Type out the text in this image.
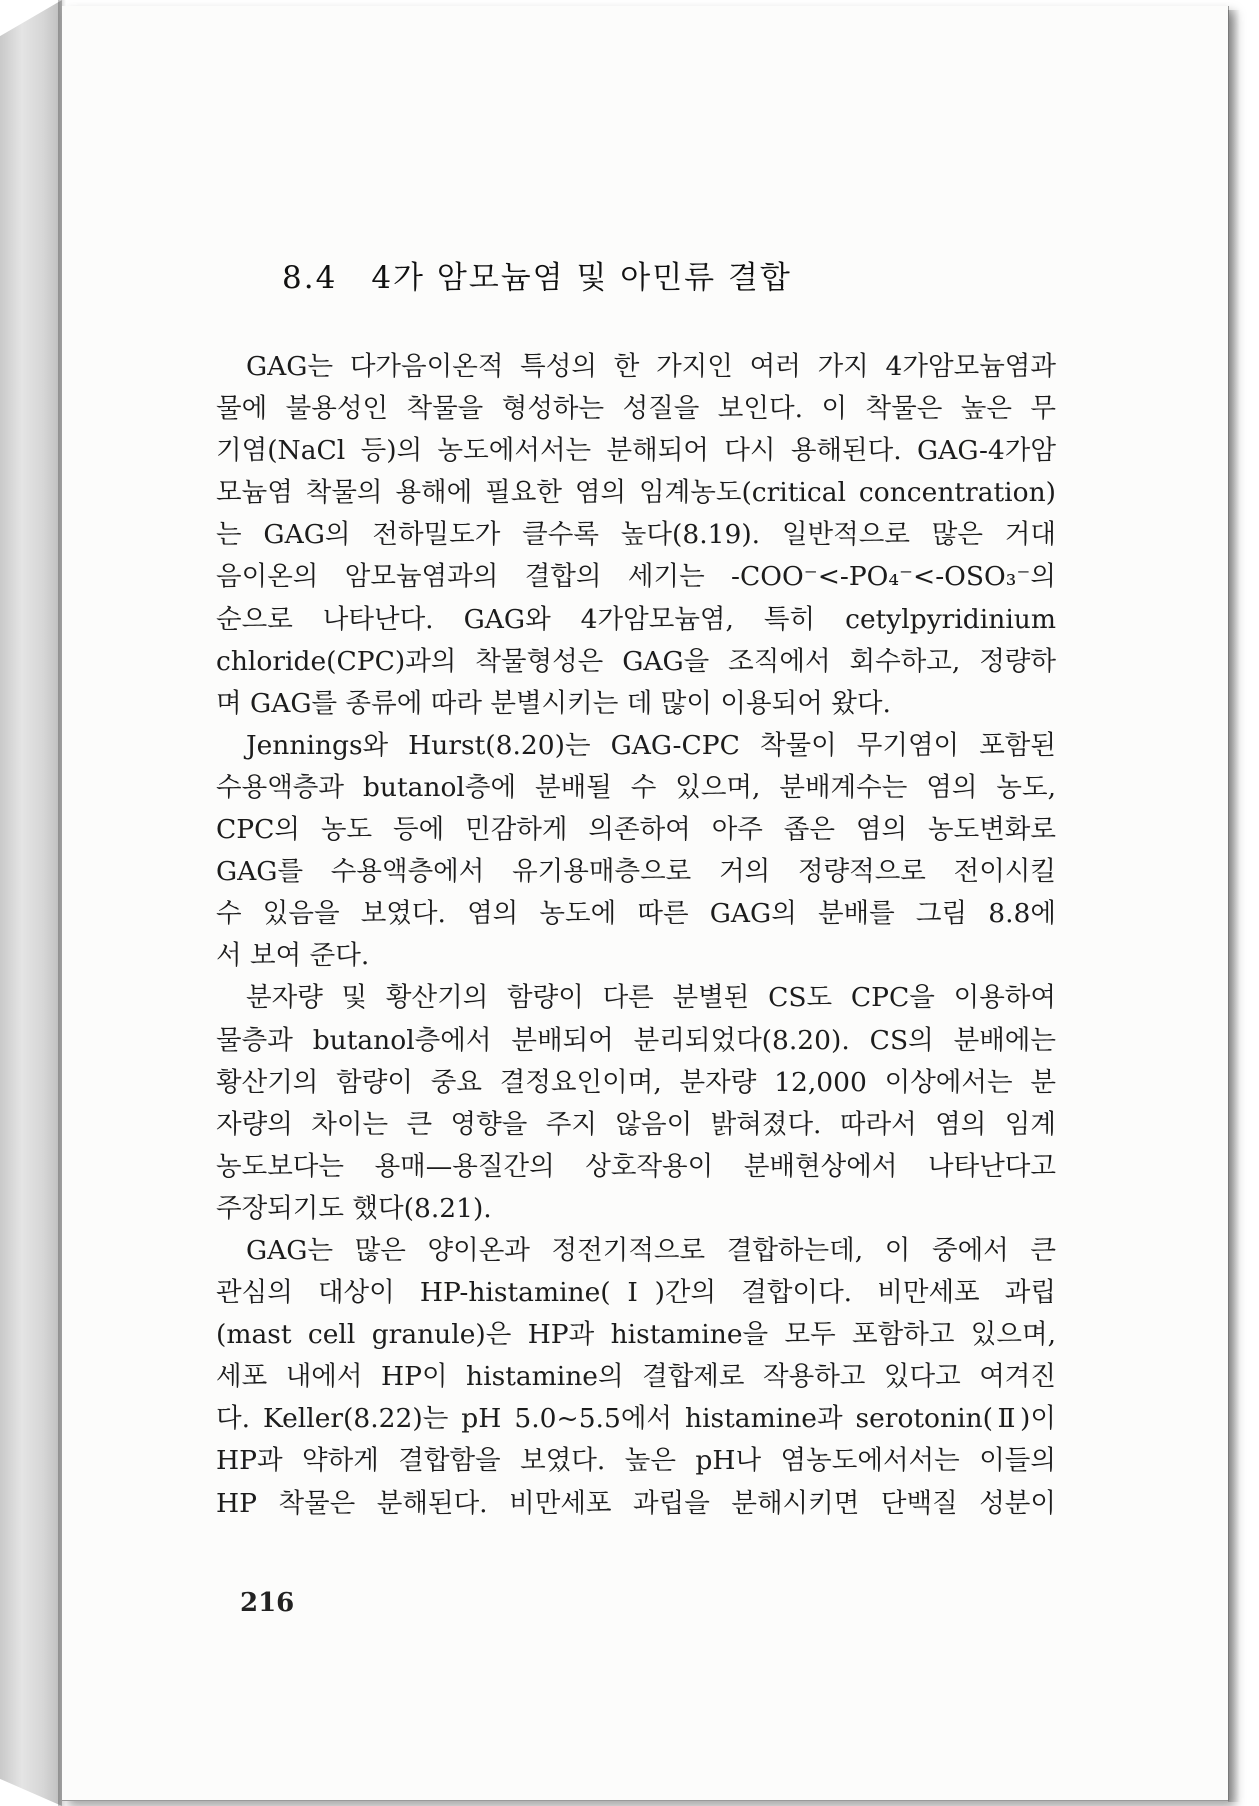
8.4 4가 암모늄염 및 아민류 결합
GAG는 다가음이온적 특성의 한 가지인 여러 가지 4가암모늄염과
물에 불용성인 착물을 형성하는 성질을 보인다. 이 착물은 높은 무
기염(NaCl 등)의 농도에서서는 분해되어 다시 용해된다. GAG-4가암
모늄염 착물의 용해에 필요한 염의 임계농도(critical concentration)
는 GAG의 전하밀도가 클수록 높다(8.19). 일반적으로 많은 거대
음이온의 암모늄염과의 결합의 세기는 -COO⁻<-PO₄⁻<-OSO₃⁻의
순으로 나타난다. GAG와 4가암모늄염, 특히 cetylpyridinium
chloride(CPC)과의 착물형성은 GAG을 조직에서 회수하고, 정량하
며 GAG를 종류에 따라 분별시키는 데 많이 이용되어 왔다.
Jennings와 Hurst(8.20)는 GAG-CPC 착물이 무기염이 포함된
수용액층과 butanol층에 분배될 수 있으며, 분배계수는 염의 농도,
CPC의 농도 등에 민감하게 의존하여 아주 좁은 염의 농도변화로
GAG를 수용액층에서 유기용매층으로 거의 정량적으로 전이시킬
수 있음을 보였다. 염의 농도에 따른 GAG의 분배를 그림 8.8에
서 보여 준다.
분자량 및 황산기의 함량이 다른 분별된 CS도 CPC을 이용하여
물층과 butanol층에서 분배되어 분리되었다(8.20). CS의 분배에는
황산기의 함량이 중요 결정요인이며, 분자량 12,000 이상에서는 분
자량의 차이는 큰 영향을 주지 않음이 밝혀졌다. 따라서 염의 임계
농도보다는 용매—용질간의 상호작용이 분배현상에서 나타난다고
주장되기도 했다(8.21).
GAG는 많은 양이온과 정전기적으로 결합하는데, 이 중에서 큰
관심의 대상이 HP-histamine(Ⅰ)간의 결합이다. 비만세포 과립
(mast cell granule)은 HP과 histamine을 모두 포함하고 있으며,
세포 내에서 HP이 histamine의 결합제로 작용하고 있다고 여겨진
다. Keller(8.22)는 pH 5.0~5.5에서 histamine과 serotonin(Ⅱ)이
HP과 약하게 결합함을 보였다. 높은 pH나 염농도에서서는 이들의
HP 착물은 분해된다. 비만세포 과립을 분해시키면 단백질 성분이
216
